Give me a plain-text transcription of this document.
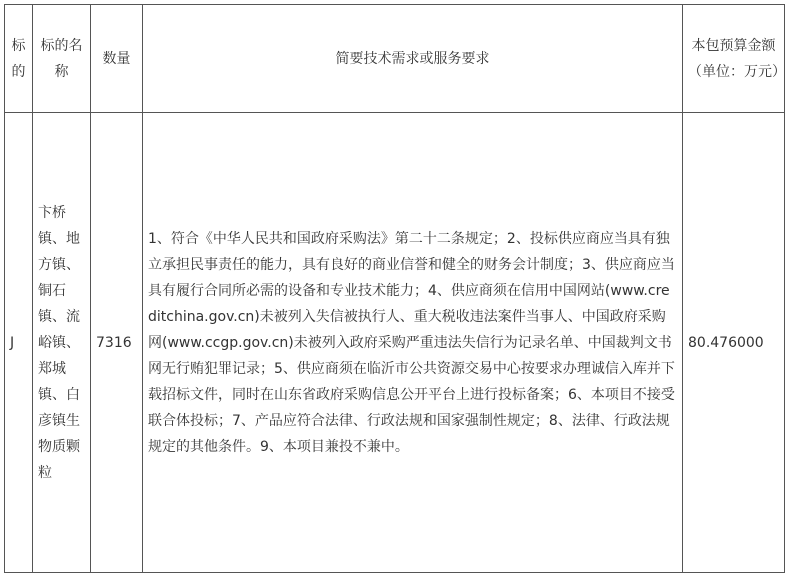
标的	标的名称	数量	简要技术需求或服务要求	本包预算金额（单位：万元）
J	卞桥镇、地方镇、铜石镇、流峪镇、郑城镇、白彦镇生物质颗粒	7316	1、符合《中华人民共和国政府采购法》第二十二条规定；2、投标供应商应当具有独立承担民事责任的能力，具有良好的商业信誉和健全的财务会计制度；3、供应商应当具有履行合同所必需的设备和专业技术能力；4、供应商须在信用中国网站(www.creditchina.gov.cn)未被列入失信被执行人、重大税收违法案件当事人、中国政府采购网(www.ccgp.gov.cn)未被列入政府采购严重违法失信行为记录名单、中国裁判文书网无行贿犯罪记录；5、供应商须在临沂市公共资源交易中心按要求办理诚信入库并下载招标文件，同时在山东省政府采购信息公开平台上进行投标备案；6、本项目不接受联合体投标；7、产品应符合法律、行政法规和国家强制性规定；8、法律、行政法规规定的其他条件。9、本项目兼投不兼中。	80.476000
